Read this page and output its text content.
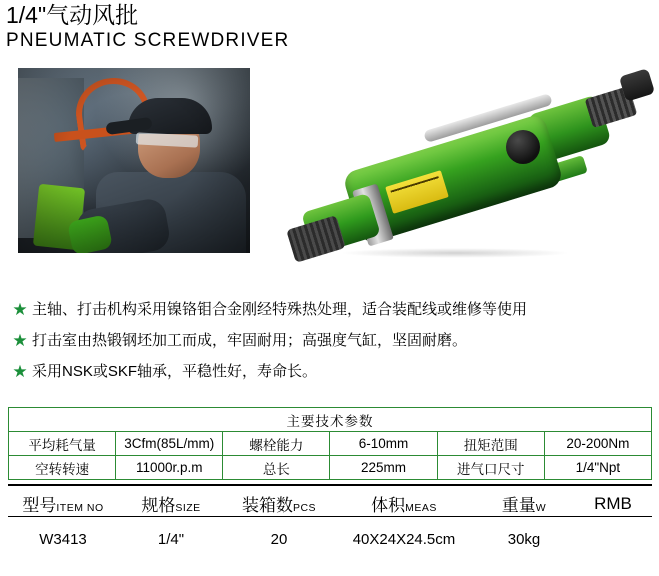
1/4"气动风批
PNEUMATIC SCREWDRIVER
★ 主轴、打击机构采用镍铬钼合金刚经特殊热处理，适合装配线或维修等使用
★ 打击室由热锻钢坯加工而成，牢固耐用；高强度气缸，坚固耐磨。
★ 采用NSK或SKF轴承，平稳性好，寿命长。
主要技术参数					
平均耗气量	3Cfm(85L/mm)	螺栓能力	6-10mm	扭矩范围	20-200Nm
空转转速	11000r.p.m	总长	225mm	进气口尺寸	1/4"Npt
型号ITEM NO	规格SIZE	装箱数PCS	体积MEAS	重量W	RMB
W3413	1/4"	20	40X24X24.5cm	30kg	
